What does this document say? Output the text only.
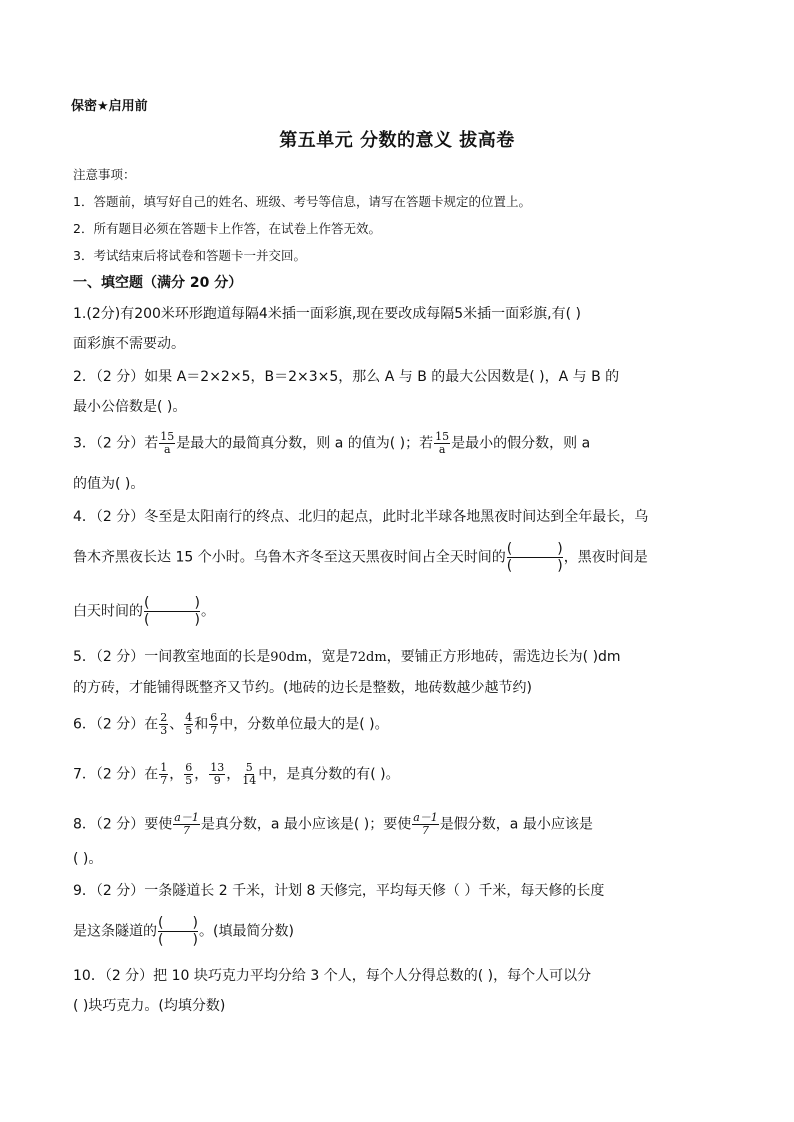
保密★启用前
第五单元 分数的意义 拔高卷
注意事项：
1．答题前，填写好自己的姓名、班级、考号等信息，请写在答题卡规定的位置上。
2．所有题目必须在答题卡上作答，在试卷上作答无效。
3．考试结束后将试卷和答题卡一并交回。
一、填空题（满分 20 分）
1.(2分)有200米环形跑道每隔4米插一面彩旗,现在要改成每隔5米插一面彩旗,有( )
面彩旗不需要动。
2．（2 分）如果 A＝2×2×5，B＝2×3×5，那么 A 与 B 的最大公因数是( )，A 与 B 的
最小公倍数是( )。
3．（2 分）若 $\frac{15}{a}$ 是最大的最简真分数，则 a 的值为( )；若 $\frac{15}{a}$ 是最小的假分数，则 a
的值为( )。
4．（2 分）冬至是太阳南行的终点、北归的起点，此时北半球各地黑夜时间达到全年最长，乌
鲁木齐黑夜长达 15 个小时。乌鲁木齐冬至这天黑夜时间占全天时间的
(	)
(	)
，黑夜时间是
白天时间的
(	)
(	)
。
5．（2 分）一间教室地面的长是90dm，宽是72dm，要铺正方形地砖，需选边长为( )dm
的方砖，才能铺得既整齐又节约。(地砖的边长是整数，地砖数越少越节约)
6．（2 分）在 $\frac{2}{3}$ 、 $\frac{4}{5}$ 和 $\frac{6}{7}$ 中，分数单位最大的是( )。
7．（2 分）在 $\frac{1}{7}$ ， $\frac{6}{5}$ ， $\frac{13}{9}$ ， $\frac{5}{14}$ 中，是真分数的有( )。
8．（2 分）要使 $\frac{a-1}{7}$ 是真分数，a 最小应该是( )；要使 $\frac{a-1}{7}$ 是假分数，a 最小应该是
( )。
9．（2 分）一条隧道长 2 千米，计划 8 天修完，平均每天修（ ）千米，每天修的长度
是这条隧道的
( )
( )
。(填最简分数)
10．（2 分）把 10 块巧克力平均分给 3 个人，每个人分得总数的( )，每个人可以分
( )块巧克力。(均填分数)
